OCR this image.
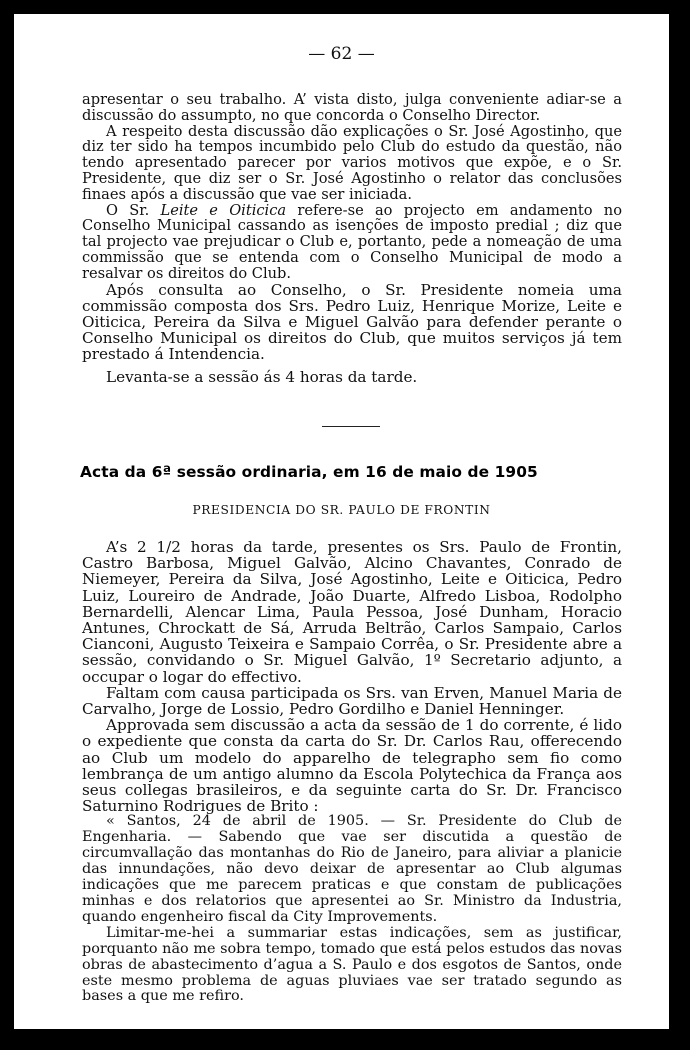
— 62 —

apresentar o seu trabalho. A’ vista disto, julga conveniente adiar-se a discussão do assumpto, no que concorda o Conselho Director.

A respeito desta discussão dão explicações o Sr. José Agostinho, que diz ter sido ha tempos incumbido pelo Club do estudo da questão, não tendo apresentado parecer por varios motivos que expõe, e o Sr. Presidente, que diz ser o Sr. José Agostinho o relator das conclusões finaes após a discussão que vae ser iniciada.

O Sr. Leite e Oiticica refere-se ao projecto em andamento no Conselho Municipal cassando as isenções de imposto predial ; diz que tal projecto vae prejudicar o Club e, portanto, pede a nomeação de uma commissão que se entenda com o Conselho Municipal de modo a resalvar os direitos do Club.

Após consulta ao Conselho, o Sr. Presidente nomeia uma commissão composta dos Srs. Pedro Luiz, Henrique Morize, Leite e Oiticica, Pereira da Silva e Miguel Galvão para defender perante o Conselho Municipal os direitos do Club, que muitos serviços já tem prestado á Intendencia.

Levanta-se a sessão ás 4 horas da tarde.

Acta da 6ª sessão ordinaria, em 16 de maio de 1905
PRESIDENCIA DO SR. PAULO DE FRONTIN

A’s 2 1/2 horas da tarde, presentes os Srs. Paulo de Frontin, Castro Barbosa, Miguel Galvão, Alcino Chavantes, Conrado de Niemeyer, Pereira da Silva, José Agostinho, Leite e Oiticica, Pedro Luiz, Loureiro de Andrade, João Duarte, Alfredo Lisboa, Rodolpho Bernardelli, Alencar Lima, Paula Pessoa, José Dunham, Horacio Antunes, Chrockatt de Sá, Arruda Beltrão, Carlos Sampaio, Carlos Cianconi, Augusto Teixeira e Sampaio Corrêa, o Sr. Presidente abre a sessão, convidando o Sr. Miguel Galvão, 1º Secretario adjunto, a occupar o logar do effectivo.

Faltam com causa participada os Srs. van Erven, Manuel Maria de Carvalho, Jorge de Lossio, Pedro Gordilho e Daniel Henninger.

Approvada sem discussão a acta da sessão de 1 do corrente, é lido o expediente que consta da carta do Sr. Dr. Carlos Rau, offerecendo ao Club um modelo do apparelho de telegrapho sem fio como lembrança de um antigo alumno da Escola Polytechica da França aos seus collegas brasileiros, e da seguinte carta do Sr. Dr. Francisco Saturnino Rodrigues de Brito :

« Santos, 24 de abril de 1905. — Sr. Presidente do Club de Engenharia. — Sabendo que vae ser discutida a questão de circumvallação das montanhas do Rio de Janeiro, para aliviar a planicie das innundações, não devo deixar de apresentar ao Club algumas indicações que me parecem praticas e que constam de publicações minhas e dos relatorios que apresentei ao Sr. Ministro da Industria, quando engenheiro fiscal da City Improvements.

Limitar-me-hei a summariar estas indicações, sem as justificar, porquanto não me sobra tempo, tomado que está pelos estudos das novas obras de abastecimento d’agua a S. Paulo e dos esgotos de Santos, onde este mesmo problema de aguas pluviaes vae ser tratado segundo as bases a que me refiro.
